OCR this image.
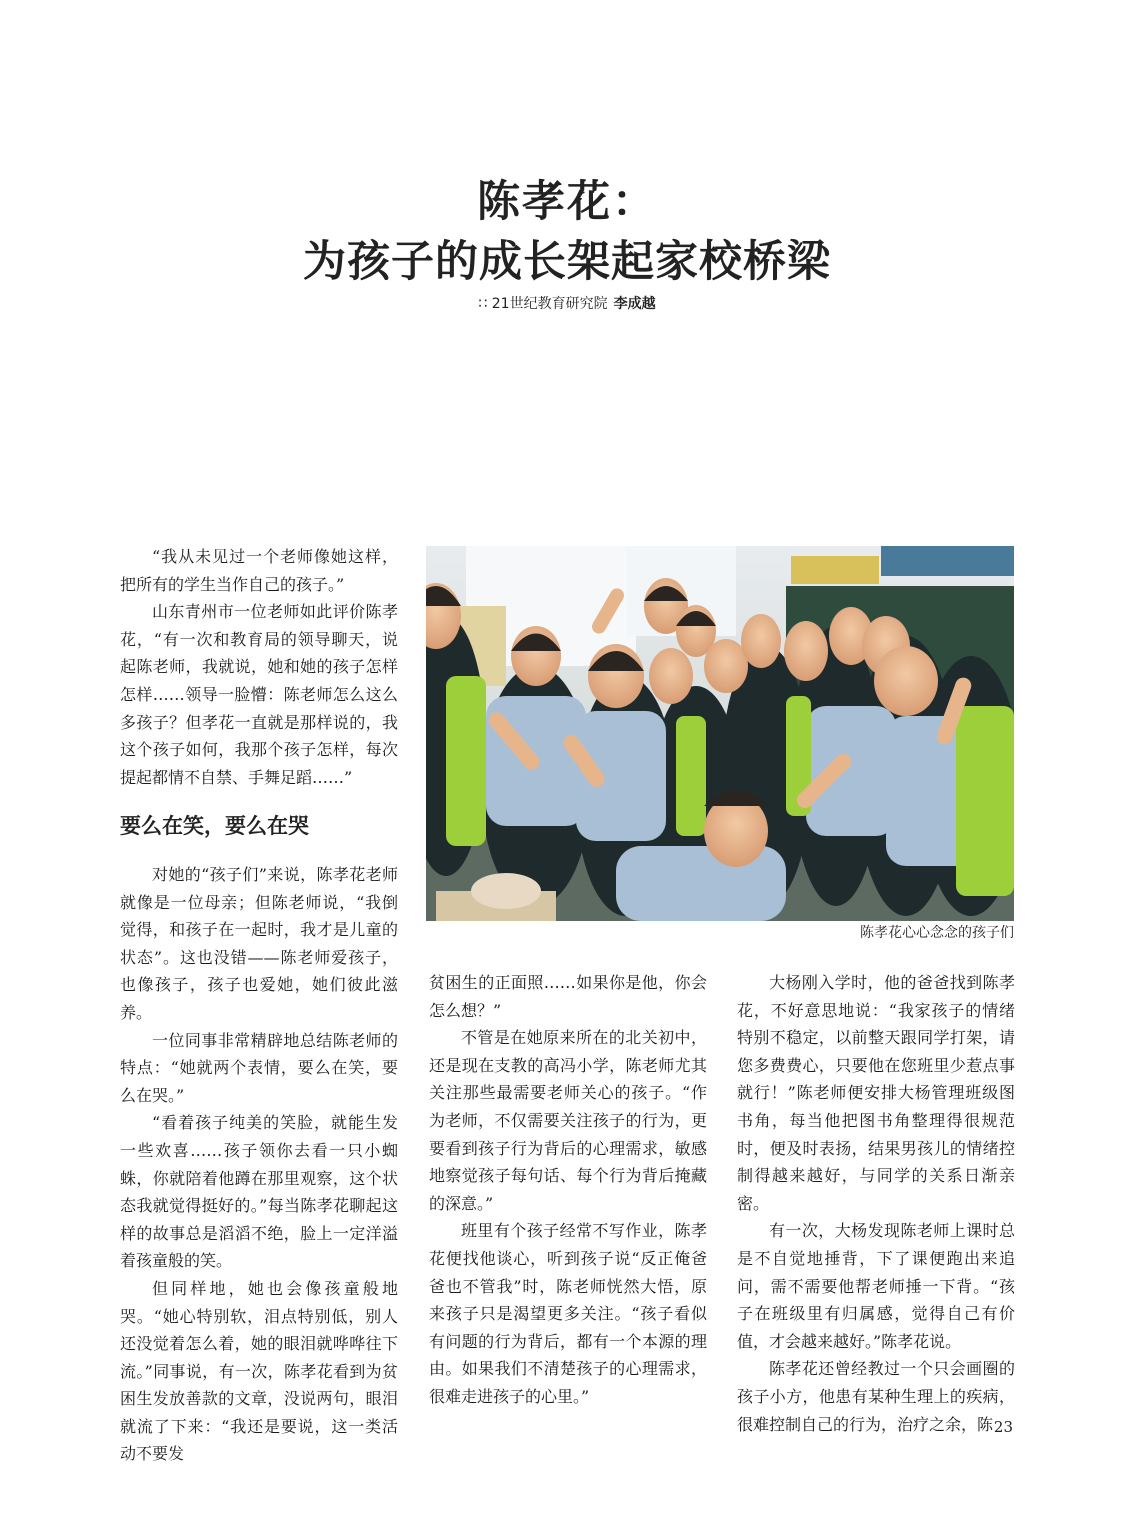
陈孝花：
为孩子的成长架起家校桥梁
∷ 21世纪教育研究院 李成越

“我从未见过一个老师像她这样，把所有的学生当作自己的孩子。”

山东青州市一位老师如此评价陈孝花，“有一次和教育局的领导聊天，说起陈老师，我就说，她和她的孩子怎样怎样……领导一脸懵：陈老师怎么这么多孩子？但孝花一直就是那样说的，我这个孩子如何，我那个孩子怎样，每次提起都情不自禁、手舞足蹈……”

要么在笑，要么在哭

对她的“孩子们”来说，陈孝花老师就像是一位母亲；但陈老师说，“我倒觉得，和孩子在一起时，我才是儿童的状态”。这也没错——陈老师爱孩子，也像孩子，孩子也爱她，她们彼此滋养。

一位同事非常精辟地总结陈老师的特点：“她就两个表情，要么在笑，要么在哭。”

“看着孩子纯美的笑脸，就能生发一些欢喜……孩子领你去看一只小蜘蛛，你就陪着他蹲在那里观察，这个状态我就觉得挺好的。”每当陈孝花聊起这样的故事总是滔滔不绝，脸上一定洋溢着孩童般的笑。

但同样地，她也会像孩童般地哭。“她心特别软，泪点特别低，别人还没觉着怎么着，她的眼泪就哗哗往下流。”同事说，有一次，陈孝花看到为贫困生发放善款的文章，没说两句，眼泪就流了下来：“我还是要说，这一类活动不要发

陈孝花心心念念的孩子们

贫困生的正面照……如果你是他，你会怎么想？”

不管是在她原来所在的北关初中，还是现在支教的高冯小学，陈老师尤其关注那些最需要老师关心的孩子。“作为老师，不仅需要关注孩子的行为，更要看到孩子行为背后的心理需求，敏感地察觉孩子每句话、每个行为背后掩藏的深意。”

班里有个孩子经常不写作业，陈孝花便找他谈心，听到孩子说“反正俺爸爸也不管我”时，陈老师恍然大悟，原来孩子只是渴望更多关注。“孩子看似有问题的行为背后，都有一个本源的理由。如果我们不清楚孩子的心理需求，很难走进孩子的心里。”

大杨刚入学时，他的爸爸找到陈孝花，不好意思地说：“我家孩子的情绪特别不稳定，以前整天跟同学打架，请您多费费心，只要他在您班里少惹点事就行！”陈老师便安排大杨管理班级图书角，每当他把图书角整理得很规范时，便及时表扬，结果男孩儿的情绪控制得越来越好，与同学的关系日渐亲密。

有一次，大杨发现陈老师上课时总是不自觉地捶背，下了课便跑出来追问，需不需要他帮老师捶一下背。“孩子在班级里有归属感，觉得自己有价值，才会越来越好。”陈孝花说。

陈孝花还曾经教过一个只会画圈的孩子小方，他患有某种生理上的疾病，很难控制自己的行为，治疗之余，陈 23
